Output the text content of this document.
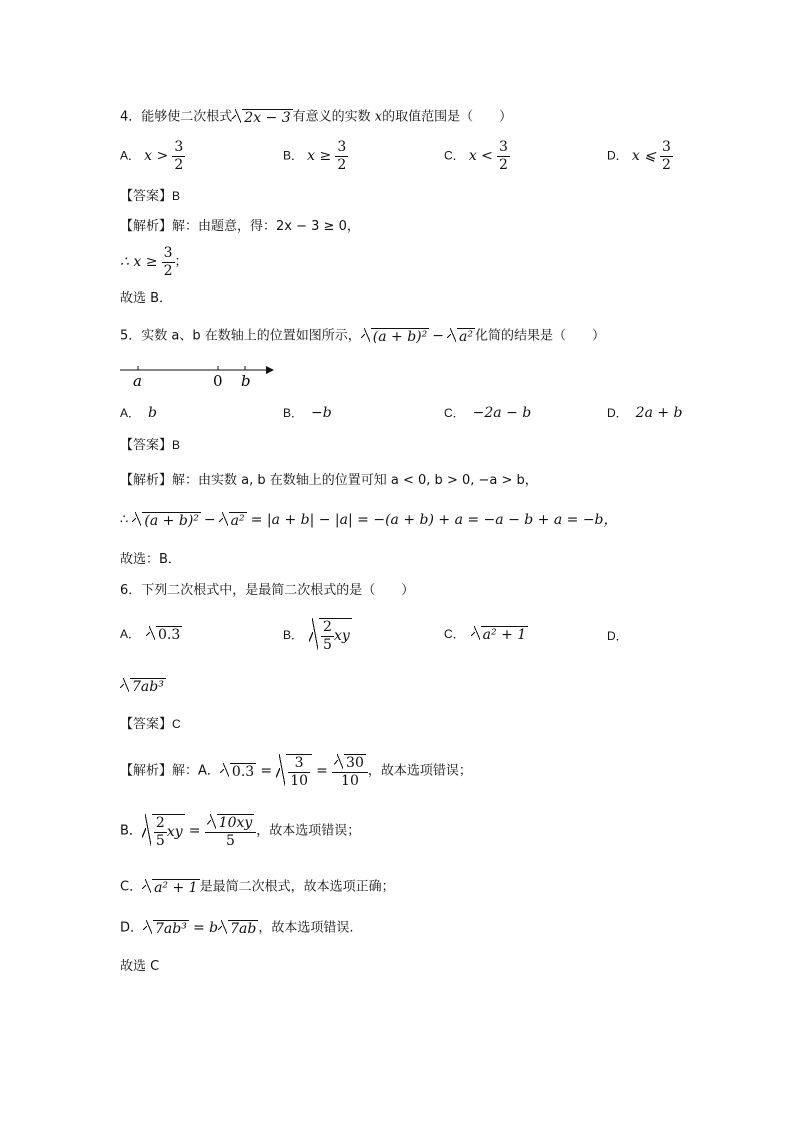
4．能够使二次根式 2x − 3 有意义的实数 x的取值范围是（　　）
A． $x > \frac{3}{2}$	B． $x \ge \frac{3}{2}$	C． $x < \frac{3}{2}$	D． x ⩽ $\frac{3}{2}$
【答案】B
【解析】解：由题意，得：2x − 3 ≥ 0，
∴ $x \ge \frac{3}{2}$ ；
故选 B．
5．实数 a、b 在数轴上的位置如图所示， (a + b)² − a² 化简的结果是（　　）
a	0 b
A． b	B． −b	C． −2a − b	D． 2a + b
【答案】B
【解析】解：由实数 a, b 在数轴上的位置可知 a < 0, b > 0, −a > b，
∴ (a + b)² − a² = |a + b| − |a| = −(a + b) + a = −a − b + a = −b，
故选：B．
6．下列二次根式中，是最简二次根式的是（　　）
A． 0.3	B． $\frac{2}{5}$ xy	C． a² + 1	D．
7ab³
【答案】C
【解析】解：A． $0.3 = \frac{3}{10} = \frac{30}{10}$ ，故本选项错误；
B． $\frac{2}{5}$ xy = $\frac{10xy}{5}$ ，故本选项错误；
C． a² + 1 是最简二次根式，故本选项正确；
D． 7ab³ = b 7ab ，故本选项错误.
故选 C
